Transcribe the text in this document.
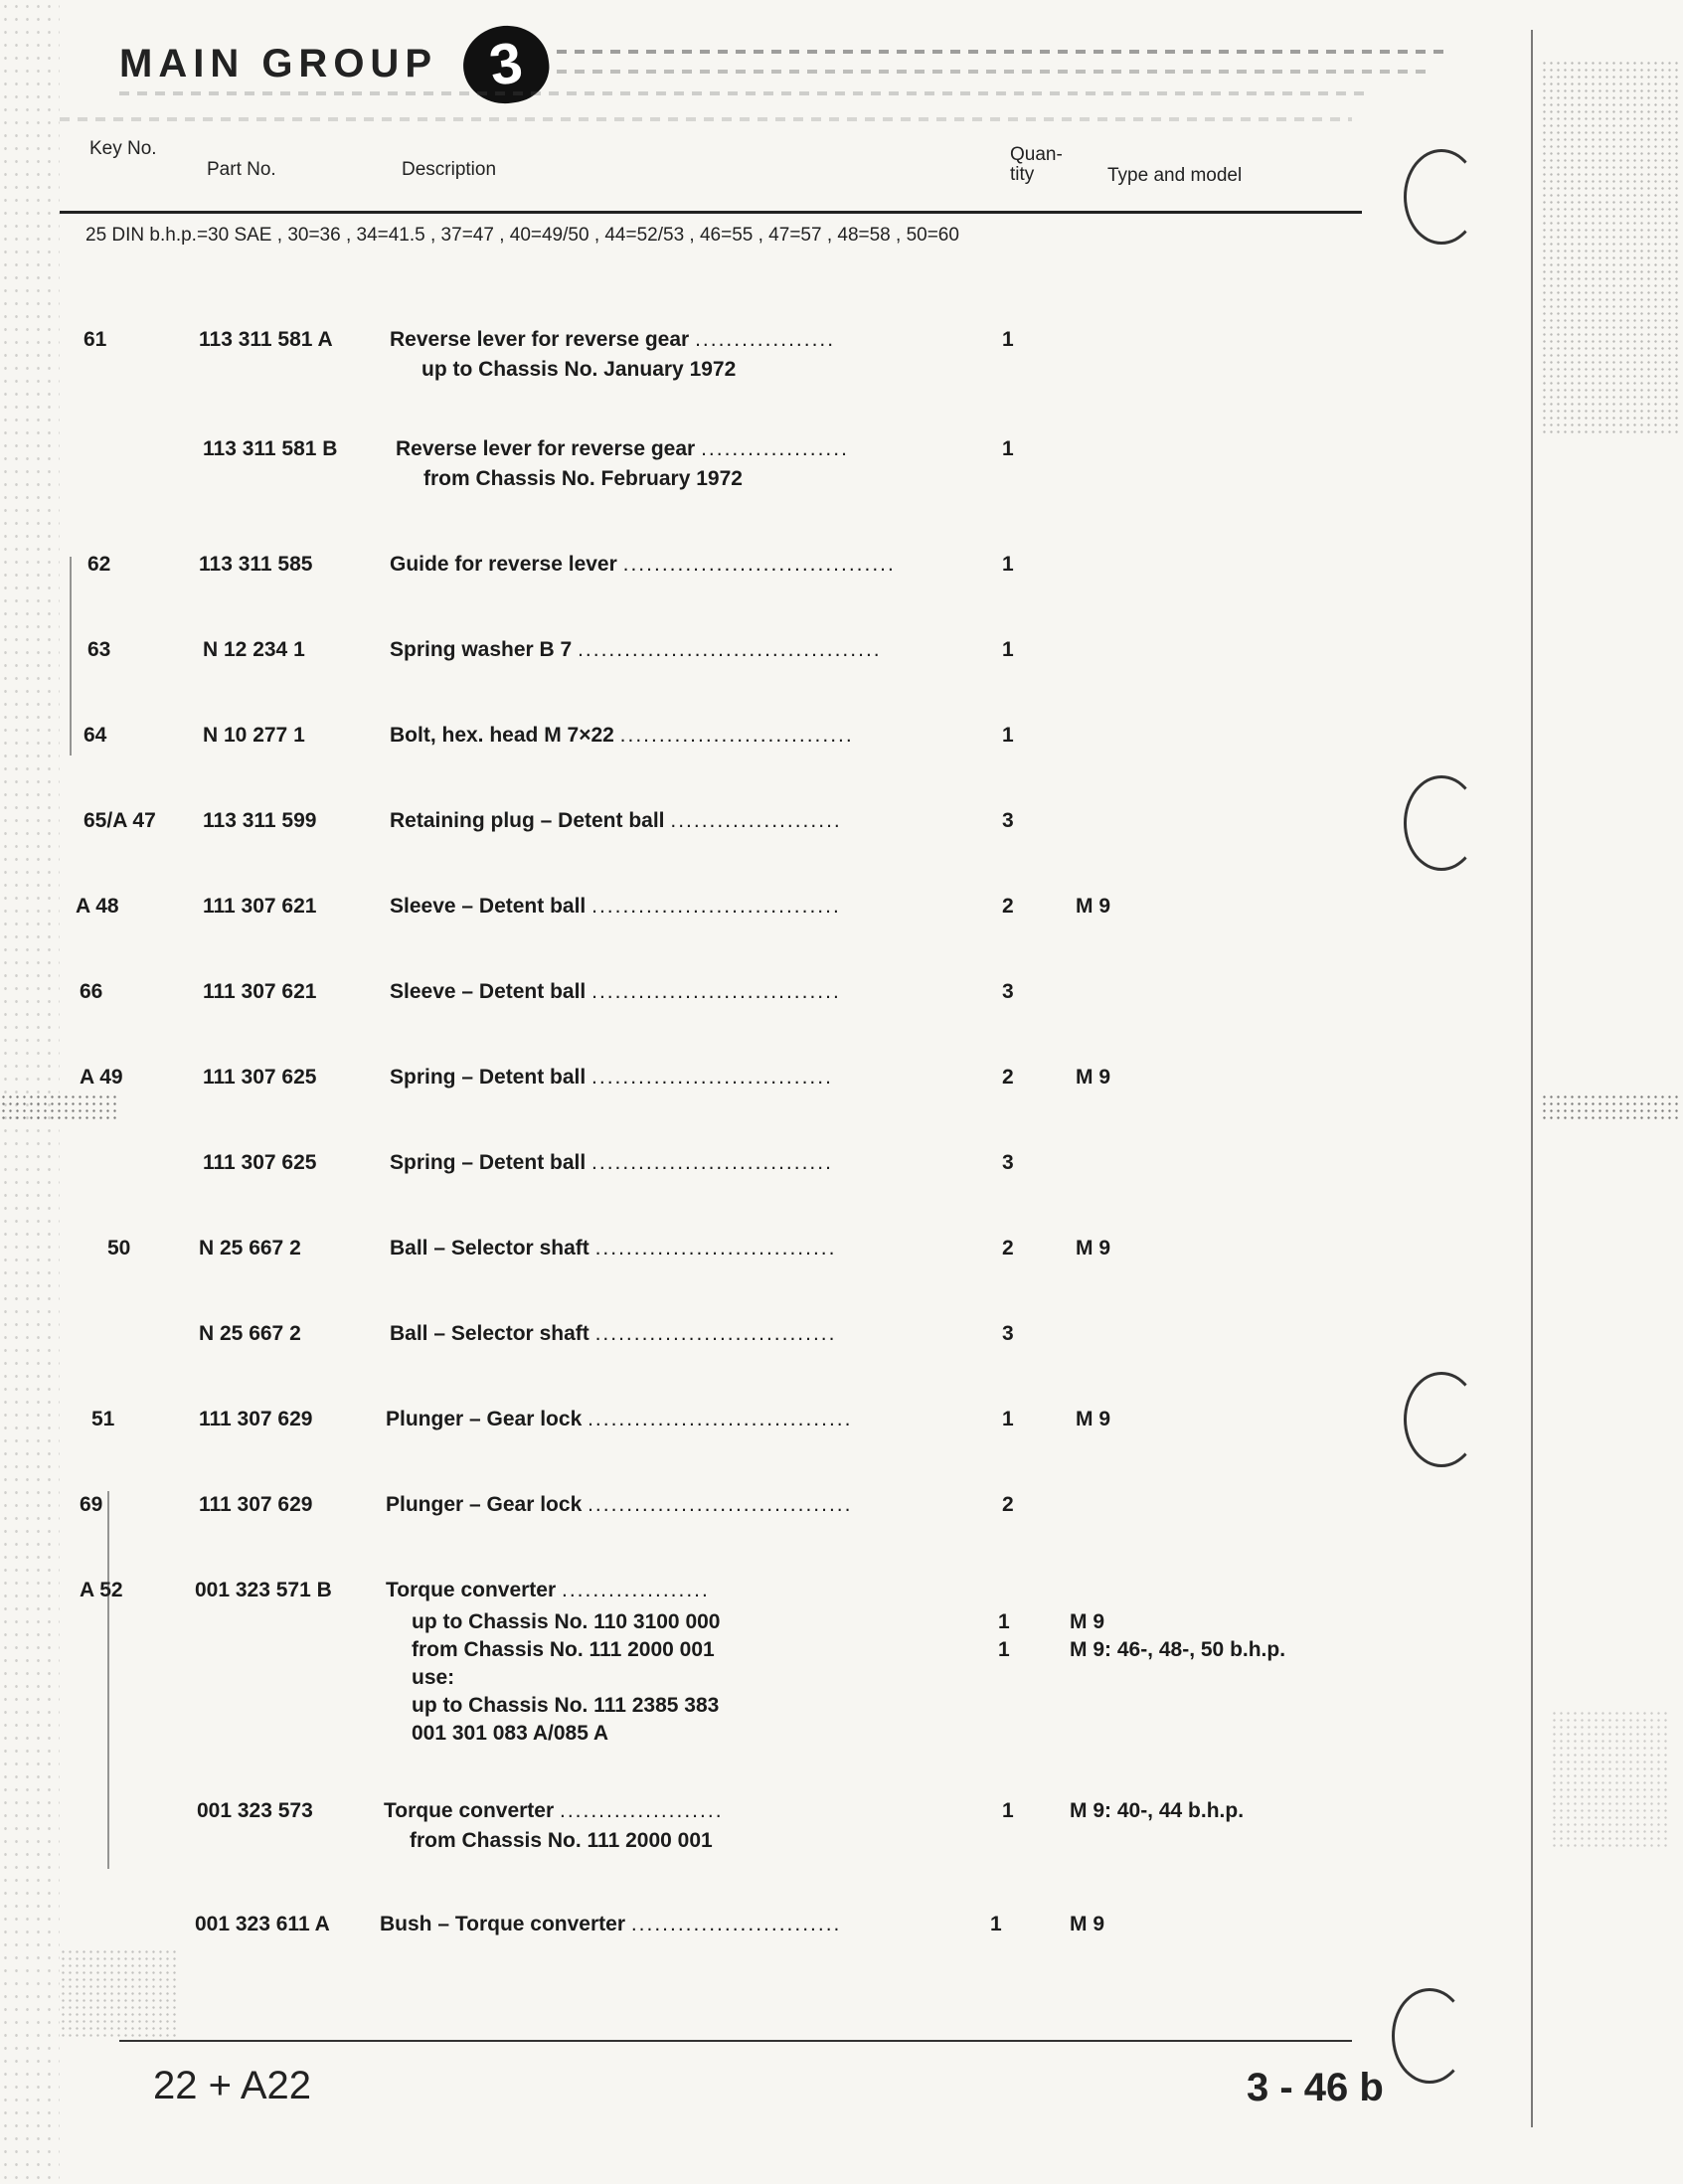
MAIN GROUP 3
Key No.
Part No.	Description
Quan- tity	Type and model
25 DIN b.h.p.=30 SAE , 30=36 , 34=41.5 , 37=47 , 40=49/50 , 44=52/53 , 46=55 , 47=57 , 48=58 , 50=60
61	113 311 581 A	Reverse lever for reverse gear ..................	1
up to Chassis No. January 1972
113 311 581 B	Reverse lever for reverse gear ...................	1
from Chassis No. February 1972
62	113 311 585	Guide for reverse lever ...................................	1
63	N 12 234 1	Spring washer B 7 .......................................	1
64	N 10 277 1	Bolt, hex. head M 7×22 ..............................	1
65/A 47 113 311 599	Retaining plug – Detent ball ......................	3
A 48	111 307 621	Sleeve – Detent ball ................................	2	M 9
66	111 307 621	Sleeve – Detent ball ................................	3
A 49	111 307 625	Spring – Detent ball ...............................	2	M 9
111 307 625	Spring – Detent ball ...............................	3
50	N 25 667 2	Ball – Selector shaft ...............................	2	M 9
N 25 667 2	Ball – Selector shaft ...............................	3
51	111 307 629	Plunger – Gear lock ..................................	1	M 9
69	111 307 629	Plunger – Gear lock ..................................	2
A 52	001 323 571 B	Torque converter ...................
up to Chassis No. 110 3100 000	1	M 9
from Chassis No. 111 2000 001	1	M 9: 46-, 48-, 50 b.h.p.
use:
up to Chassis No. 111 2385 383
001 301 083 A/085 A
001 323 573	Torque converter .....................	1	M 9: 40-, 44 b.h.p.
from Chassis No. 111 2000 001
001 323 611 A Bush – Torque converter ...........................	1	M 9
22 + A22	3 - 46 b
